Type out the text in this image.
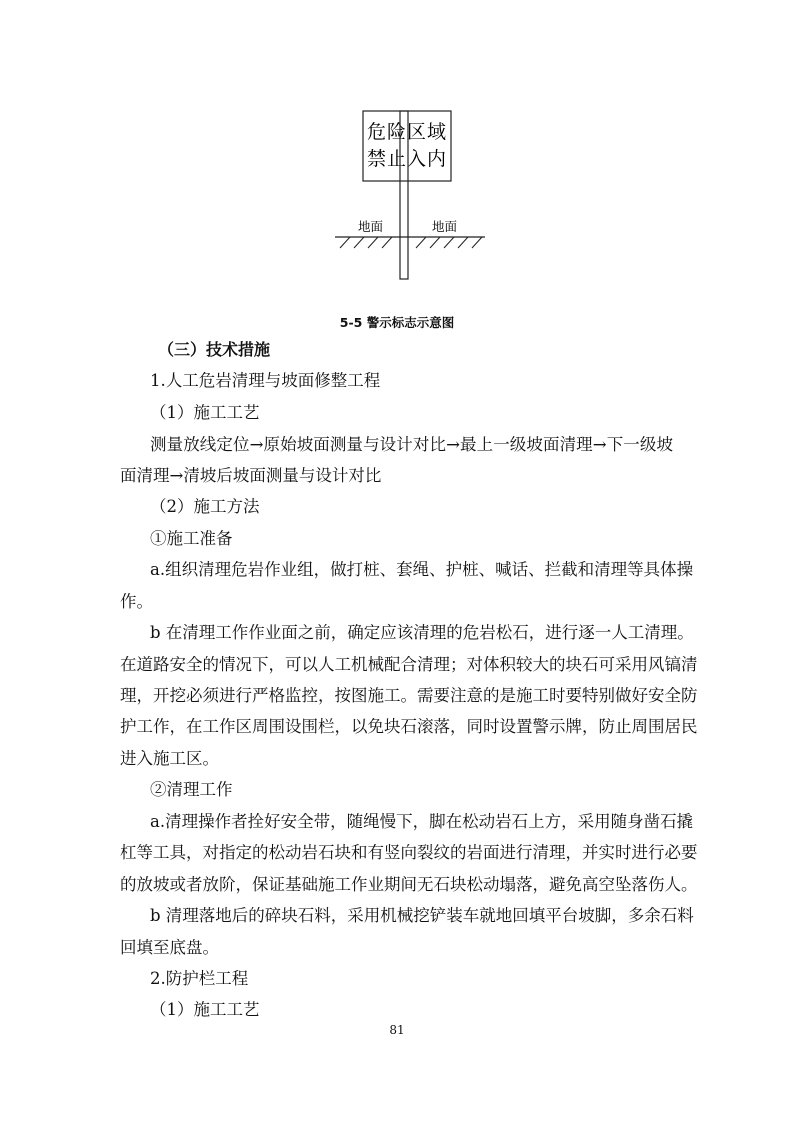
危险区域
禁止入内
地面	地面
5-5 警示标志示意图
（三）技术措施
1.人工危岩清理与坡面修整工程
（1）施工工艺
测量放线定位→原始坡面测量与设计对比→最上一级坡面清理→下一级坡
面清理→清坡后坡面测量与设计对比
（2）施工方法
①施工准备
a.组织清理危岩作业组，做打桩、套绳、护桩、喊话、拦截和清理等具体操
作。
b 在清理工作作业面之前，确定应该清理的危岩松石，进行逐一人工清理。
在道路安全的情况下，可以人工机械配合清理；对体积较大的块石可采用风镐清
理，开挖必须进行严格监控，按图施工。需要注意的是施工时要特别做好安全防
护工作，在工作区周围设围栏，以免块石滚落，同时设置警示牌，防止周围居民
进入施工区。
②清理工作
a.清理操作者拴好安全带，随绳慢下，脚在松动岩石上方，采用随身凿石撬
杠等工具，对指定的松动岩石块和有竖向裂纹的岩面进行清理，并实时进行必要
的放坡或者放阶，保证基础施工作业期间无石块松动塌落，避免高空坠落伤人。
b 清理落地后的碎块石料，采用机械挖铲装车就地回填平台坡脚，多余石料
回填至底盘。
2.防护栏工程
（1）施工工艺
81
